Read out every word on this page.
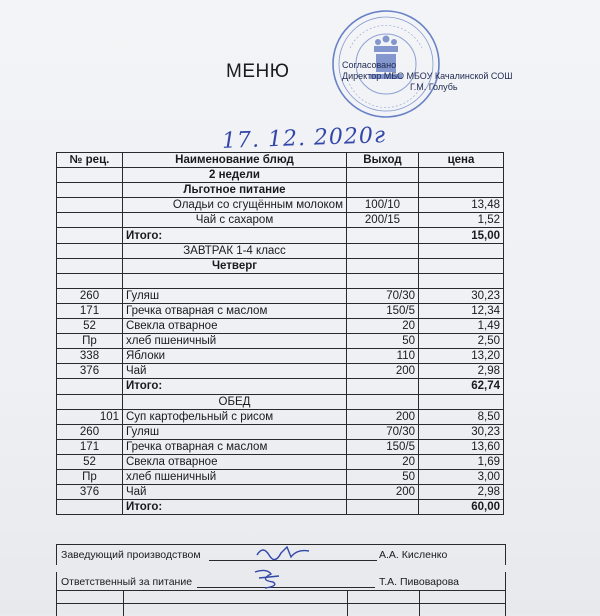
МЕНЮ	Согласовано
Директор МБО МБОУ Качалинской СОШ
Г.М. Голубь
17. 12. 2020г
№ рец.	Наименование блюд	Выход	цена
	2 недели		
	Льготное питание		
	Оладьи со сгущённым молоком	100/10	13,48
	Чай с сахаром	200/15	1,52
	Итого:		15,00
	ЗАВТРАК 1-4 класс		
	Четверг		

260	Гуляш	70/30	30,23
171	Гречка отварная с маслом	150/5	12,34
52	Свекла отварное	20	1,49
Пр	хлеб пшеничный	50	2,50
338	Яблоки	110	13,20
376	Чай	200	2,98
	Итого:		62,74
	ОБЕД		
101	Суп картофельный с рисом	200	8,50
260	Гуляш	70/30	30,23
171	Гречка отварная с маслом	150/5	13,60
52	Свекла отварное	20	1,69
Пр	хлеб пшеничный	50	3,00
376	Чай	200	2,98
	Итого:		60,00
Заведующий производством	А.А. Кисленко
Ответственный за питание	Т.А. Пивоварова
